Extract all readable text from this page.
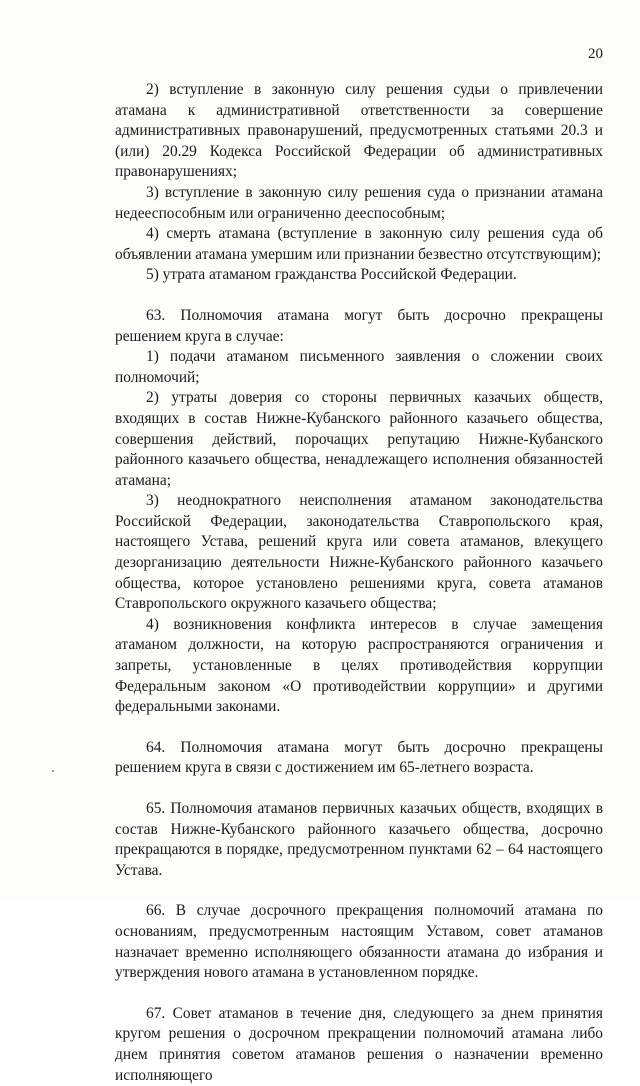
20

2) вступление в законную силу решения судьи о привлечении атамана к административной ответственности за совершение административных правонарушений, предусмотренных статьями 20.3 и (или) 20.29 Кодекса Российской Федерации об административных правонарушениях;

3) вступление в законную силу решения суда о признании атамана недееспособным или ограниченно дееспособным;

4) смерть атамана (вступление в законную силу решения суда об объявлении атамана умершим или признании безвестно отсутствующим);

5) утрата атаманом гражданства Российской Федерации.

63. Полномочия атамана могут быть досрочно прекращены решением круга в случае:

1) подачи атаманом письменного заявления о сложении своих полномочий;

2) утраты доверия со стороны первичных казачьих обществ, входящих в состав Нижне-Кубанского районного казачьего общества, совершения действий, порочащих репутацию Нижне-Кубанского районного казачьего общества, ненадлежащего исполнения обязанностей атамана;

3) неоднократного неисполнения атаманом законодательства Российской Федерации, законодательства Ставропольского края, настоящего Устава, решений круга или совета атаманов, влекущего дезорганизацию деятельности Нижне-Кубанского районного казачьего общества, которое установлено решениями круга, совета атаманов Ставропольского окружного казачьего общества;

4) возникновения конфликта интересов в случае замещения атаманом должности, на которую распространяются ограничения и запреты, установленные в целях противодействия коррупции Федеральным законом «О противодействии коррупции» и другими федеральными законами.

64. Полномочия атамана могут быть досрочно прекращены решением круга в связи с достижением им 65-летнего возраста.

65. Полномочия атаманов первичных казачьих обществ, входящих в состав Нижне-Кубанского районного казачьего общества, досрочно прекращаются в порядке, предусмотренном пунктами 62 – 64 настоящего Устава.

66. В случае досрочного прекращения полномочий атамана по основаниям, предусмотренным настоящим Уставом, совет атаманов назначает временно исполняющего обязанности атамана до избрания и утверждения нового атамана в установленном порядке.

67. Совет атаманов в течение дня, следующего за днем принятия кругом решения о досрочном прекращении полномочий атамана либо днем принятия советом атаманов решения о назначении временно исполняющего
